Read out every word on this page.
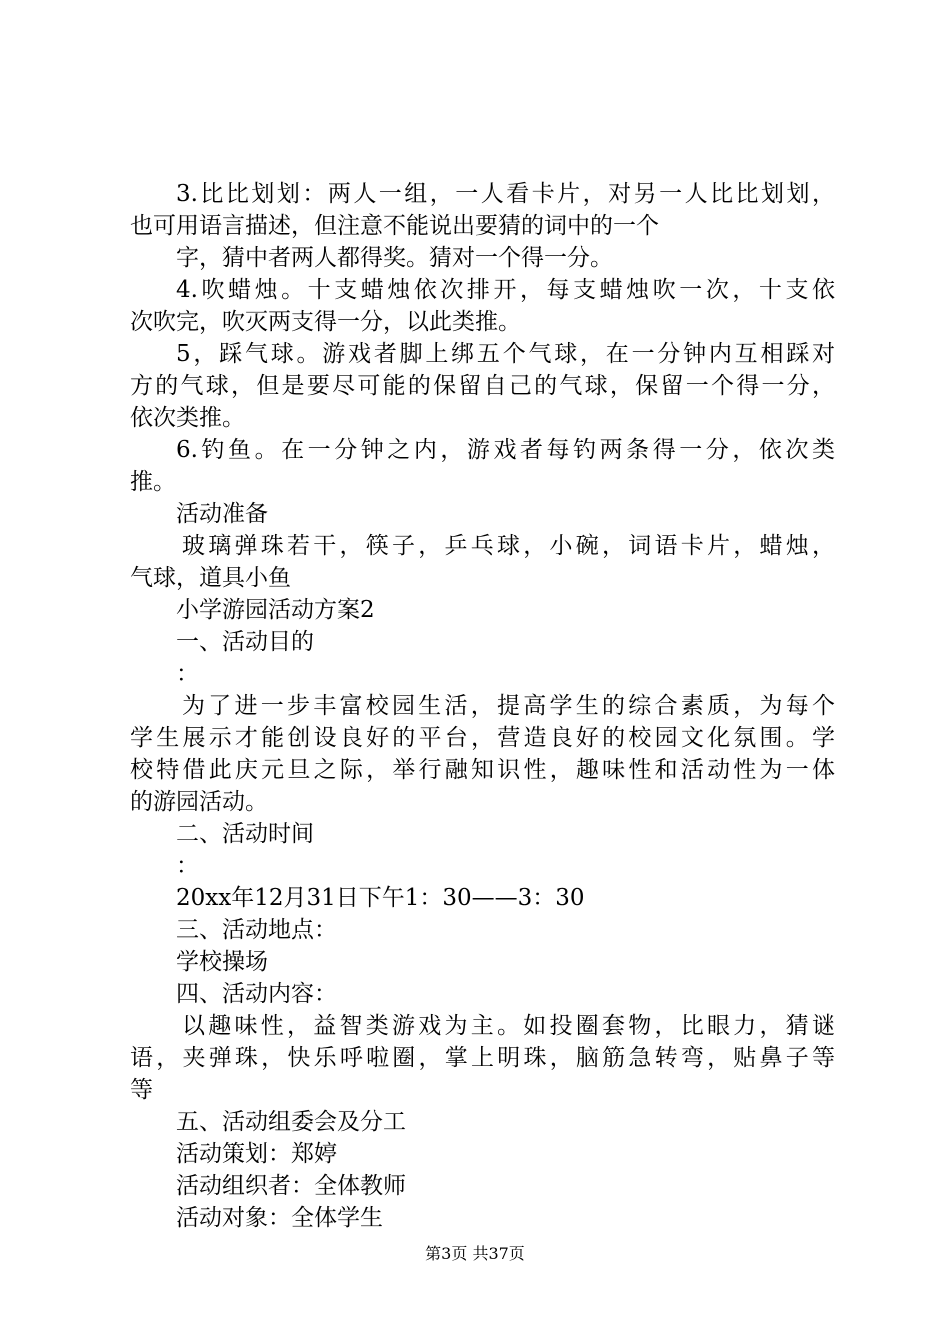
3.比比划划：两人一组，一人看卡片，对另一人比比划划，
也可用语言描述，但注意不能说出要猜的词中的一个
字，猜中者两人都得奖。猜对一个得一分。
4.吹蜡烛。十支蜡烛依次排开，每支蜡烛吹一次，十支依
次吹完，吹灭两支得一分，以此类推。
5，踩气球。游戏者脚上绑五个气球，在一分钟内互相踩对
方的气球，但是要尽可能的保留自己的气球，保留一个得一分，
依次类推。
6.钓鱼。在一分钟之内，游戏者每钓两条得一分，依次类
推。
活动准备
玻璃弹珠若干，筷子，乒乓球，小碗，词语卡片，蜡烛，
气球，道具小鱼
小学游园活动方案2
一、活动目的
：
为了进一步丰富校园生活，提高学生的综合素质，为每个
学生展示才能创设良好的平台，营造良好的校园文化氛围。学
校特借此庆元旦之际，举行融知识性，趣味性和活动性为一体
的游园活动。
二、活动时间
：
20xx年12月31日下午1：30——3：30
三、活动地点：
学校操场
四、活动内容：
以趣味性，益智类游戏为主。如投圈套物，比眼力，猜谜
语，夹弹珠，快乐呼啦圈，掌上明珠，脑筋急转弯，贴鼻子等
等
五、活动组委会及分工
活动策划：郑婷
活动组织者：全体教师
活动对象：全体学生
第3页 共37页
